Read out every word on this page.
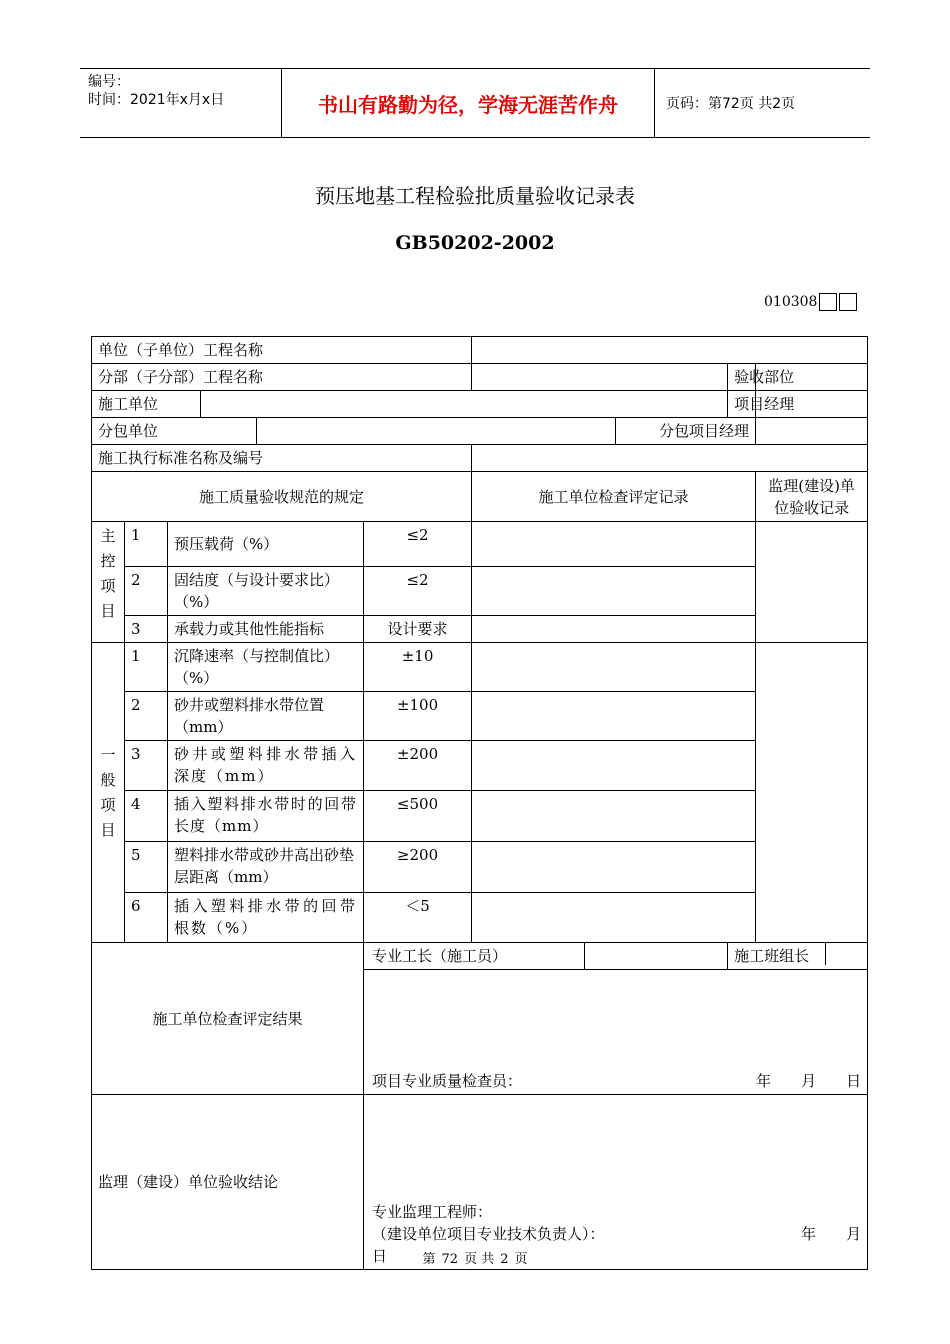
编号：
时间：2021年x月x日	书山有路勤为径，学海无涯苦作舟	页码：第72页 共2页
预压地基工程检验批质量验收记录表
GB50202-2002
010308
单位（子单位）工程名称										
分部（子分部）工程名称									验收部位	
施工单位									项目经理	
分包单位								分包项目经理		
施工执行标准名称及编号										
施工质量验收规范的规定						施工单位检查评定记录				监理(建设)单位验收记录

主控项目	1	预压载荷（%）			≤2					
	2	固结度（与设计要求比）（%）			≤2					
	3	承载力或其他性能指标			设计要求					

一般项目	1	沉降速率（与控制值比）（%）			±10					
	2	砂井或塑料排水带位置（mm）			±100					
	3	砂井或塑料排水带插入深度（mm）			±200					
	4	插入塑料排水带时的回带长度（mm）			≤500					
	5	塑料排水带或砂井高出砂垫层距离（mm）			≥200					
	6	插入塑料排水带的回带根数（%）			＜5					
施工单位检查评定结果					专业工长（施工员）				施工班组长	

					项目专业质量检查员： 年　　月　　日					

监理（建设）单位验收结论					专业监理工程师：
（建设单位项目专业技术负责人）： 年　　月
日						第 72 页 共 2 页
